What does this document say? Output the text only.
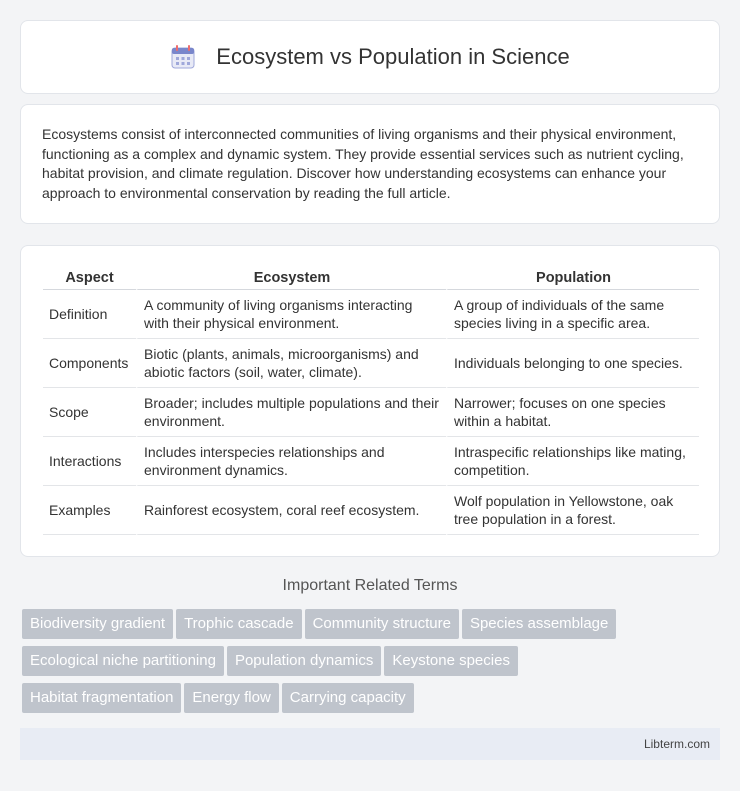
Ecosystem vs Population in Science

Ecosystems consist of interconnected communities of living organisms and their physical environment, functioning as a complex and dynamic system. They provide essential services such as nutrient cycling, habitat provision, and climate regulation. Discover how understanding ecosystems can enhance your approach to environmental conservation by reading the full article.

Aspect	Ecosystem	Population
Definition	A community of living organisms interacting with their physical environment.	A group of individuals of the same species living in a specific area.
Components	Biotic (plants, animals, microorganisms) and abiotic factors (soil, water, climate).	Individuals belonging to one species.
Scope	Broader; includes multiple populations and their environment.	Narrower; focuses on one species within a habitat.
Interactions	Includes interspecies relationships and environment dynamics.	Intraspecific relationships like mating, competition.
Examples	Rainforest ecosystem, coral reef ecosystem.	Wolf population in Yellowstone, oak tree population in a forest.
Important Related Terms
Biodiversity gradient Trophic cascade Community structure Species assemblage
Ecological niche partitioning Population dynamics Keystone species
Habitat fragmentation Energy flow Carrying capacity
Libterm.com
